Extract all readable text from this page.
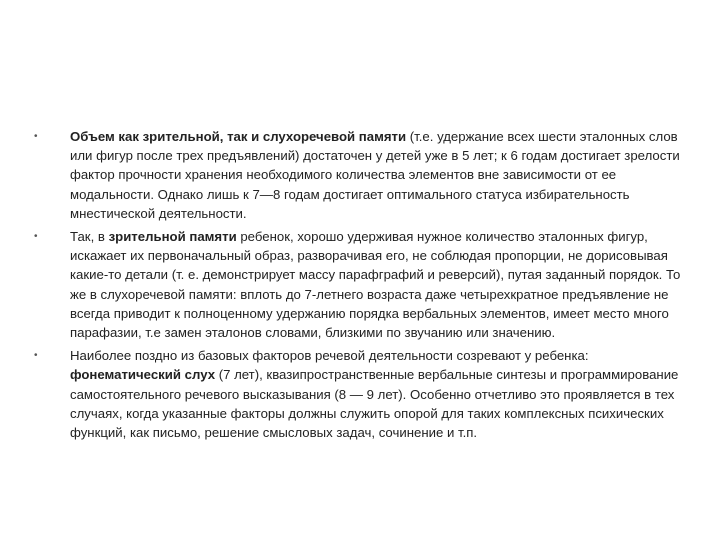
•	Объем как зрительной, так и слухоречевой памяти (т.е. удержание всех шести эталонных слов или фигур после трех предъявлений) достаточен у детей уже в 5 лет; к 6 годам достигает зрелости фактор прочности хранения необходимого количества элементов вне зависимости от ее модальности. Однако лишь к 7—8 годам достигает оптимального статуса избирательность мнестической деятельности.
•	Так, в зрительной памяти ребенок, хорошо удерживая нужное количество эталонных фигур, искажает их первоначальный образ, разворачивая его, не соблюдая пропорции, не дорисовывая какие-то детали (т. е. демонстрирует массу парафграфий и реверсий), путая заданный порядок. То же в слухоречевой памяти: вплоть до 7-летнего возраста даже четырехкратное предъявление не всегда приводит к полноценному удержанию порядка вербальных элементов, имеет место много парафазии, т.е замен эталонов словами, близкими по звучанию или значению.
•	Наиболее поздно из базовых факторов речевой деятельности созревают у ребенка: фонематический слух (7 лет), квазипространственные вербальные синтезы и программирование самостоятельного речевого высказывания (8 — 9 лет). Особенно отчетливо это проявляется в тех случаях, когда указанные факторы должны служить опорой для таких комплексных психических функций, как письмо, решение смысловых задач, сочинение и т.п.
